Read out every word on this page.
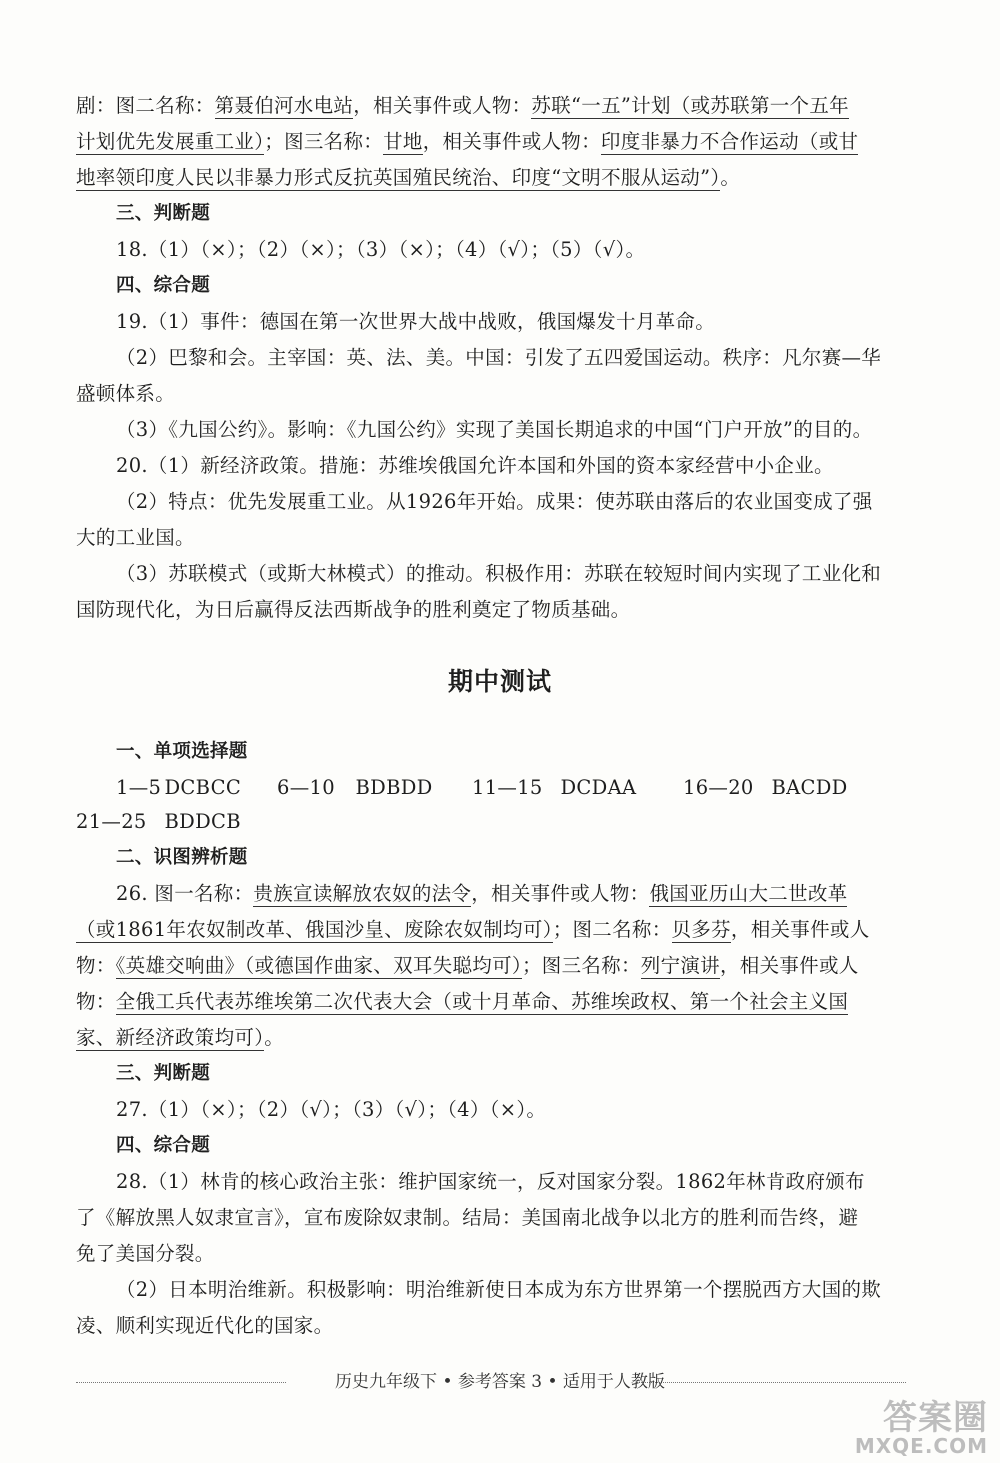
剧：图二名称：第聂伯河水电站，相关事件或人物：苏联“一五”计划（或苏联第一个五年
计划优先发展重工业）；图三名称：甘地，相关事件或人物：印度非暴力不合作运动（或甘
地率领印度人民以非暴力形式反抗英国殖民统治、印度“文明不服从运动”）。
三、判断题
18.（1）（×）；（2）（×）；（3）（×）；（4）（√）；（5）（√）。
四、综合题
19.（1）事件：德国在第一次世界大战中战败，俄国爆发十月革命。
（2）巴黎和会。主宰国：英、法、美。中国：引发了五四爱国运动。秩序：凡尔赛—华
盛顿体系。
（3）《九国公约》。影响：《九国公约》实现了美国长期追求的中国“门户开放”的目的。
20.（1）新经济政策。措施：苏维埃俄国允许本国和外国的资本家经营中小企业。
（2）特点：优先发展重工业。从1926年开始。成果：使苏联由落后的农业国变成了强
大的工业国。
（3）苏联模式（或斯大林模式）的推动。积极作用：苏联在较短时间内实现了工业化和
国防现代化，为日后赢得反法西斯战争的胜利奠定了物质基础。
期中测试
一、单项选择题
1—5 DCBCC 6—10 BDBDD 11—15 DCDAA 16—20 BACDD
21—25 BDDCB
二、识图辨析题
26. 图一名称：贵族宣读解放农奴的法令，相关事件或人物：俄国亚历山大二世改革
（或1861年农奴制改革、俄国沙皇、废除农奴制均可）；图二名称：贝多芬，相关事件或人
物：《英雄交响曲》（或德国作曲家、双耳失聪均可）；图三名称：列宁演讲，相关事件或人
物：全俄工兵代表苏维埃第二次代表大会（或十月革命、苏维埃政权、第一个社会主义国
家、新经济政策均可）。
三、判断题
27.（1）（×）；（2）（√）；（3）（√）；（4）（×）。
四、综合题
28.（1）林肯的核心政治主张：维护国家统一，反对国家分裂。1862年林肯政府颁布
了《解放黑人奴隶宣言》，宣布废除奴隶制。结局：美国南北战争以北方的胜利而告终，避
免了美国分裂。
（2）日本明治维新。积极影响：明治维新使日本成为东方世界第一个摆脱西方大国的欺
凌、顺利实现近代化的国家。
历史九年级下 • 参考答案 3 • 适用于人教版
答案圈
MXQE.COM
